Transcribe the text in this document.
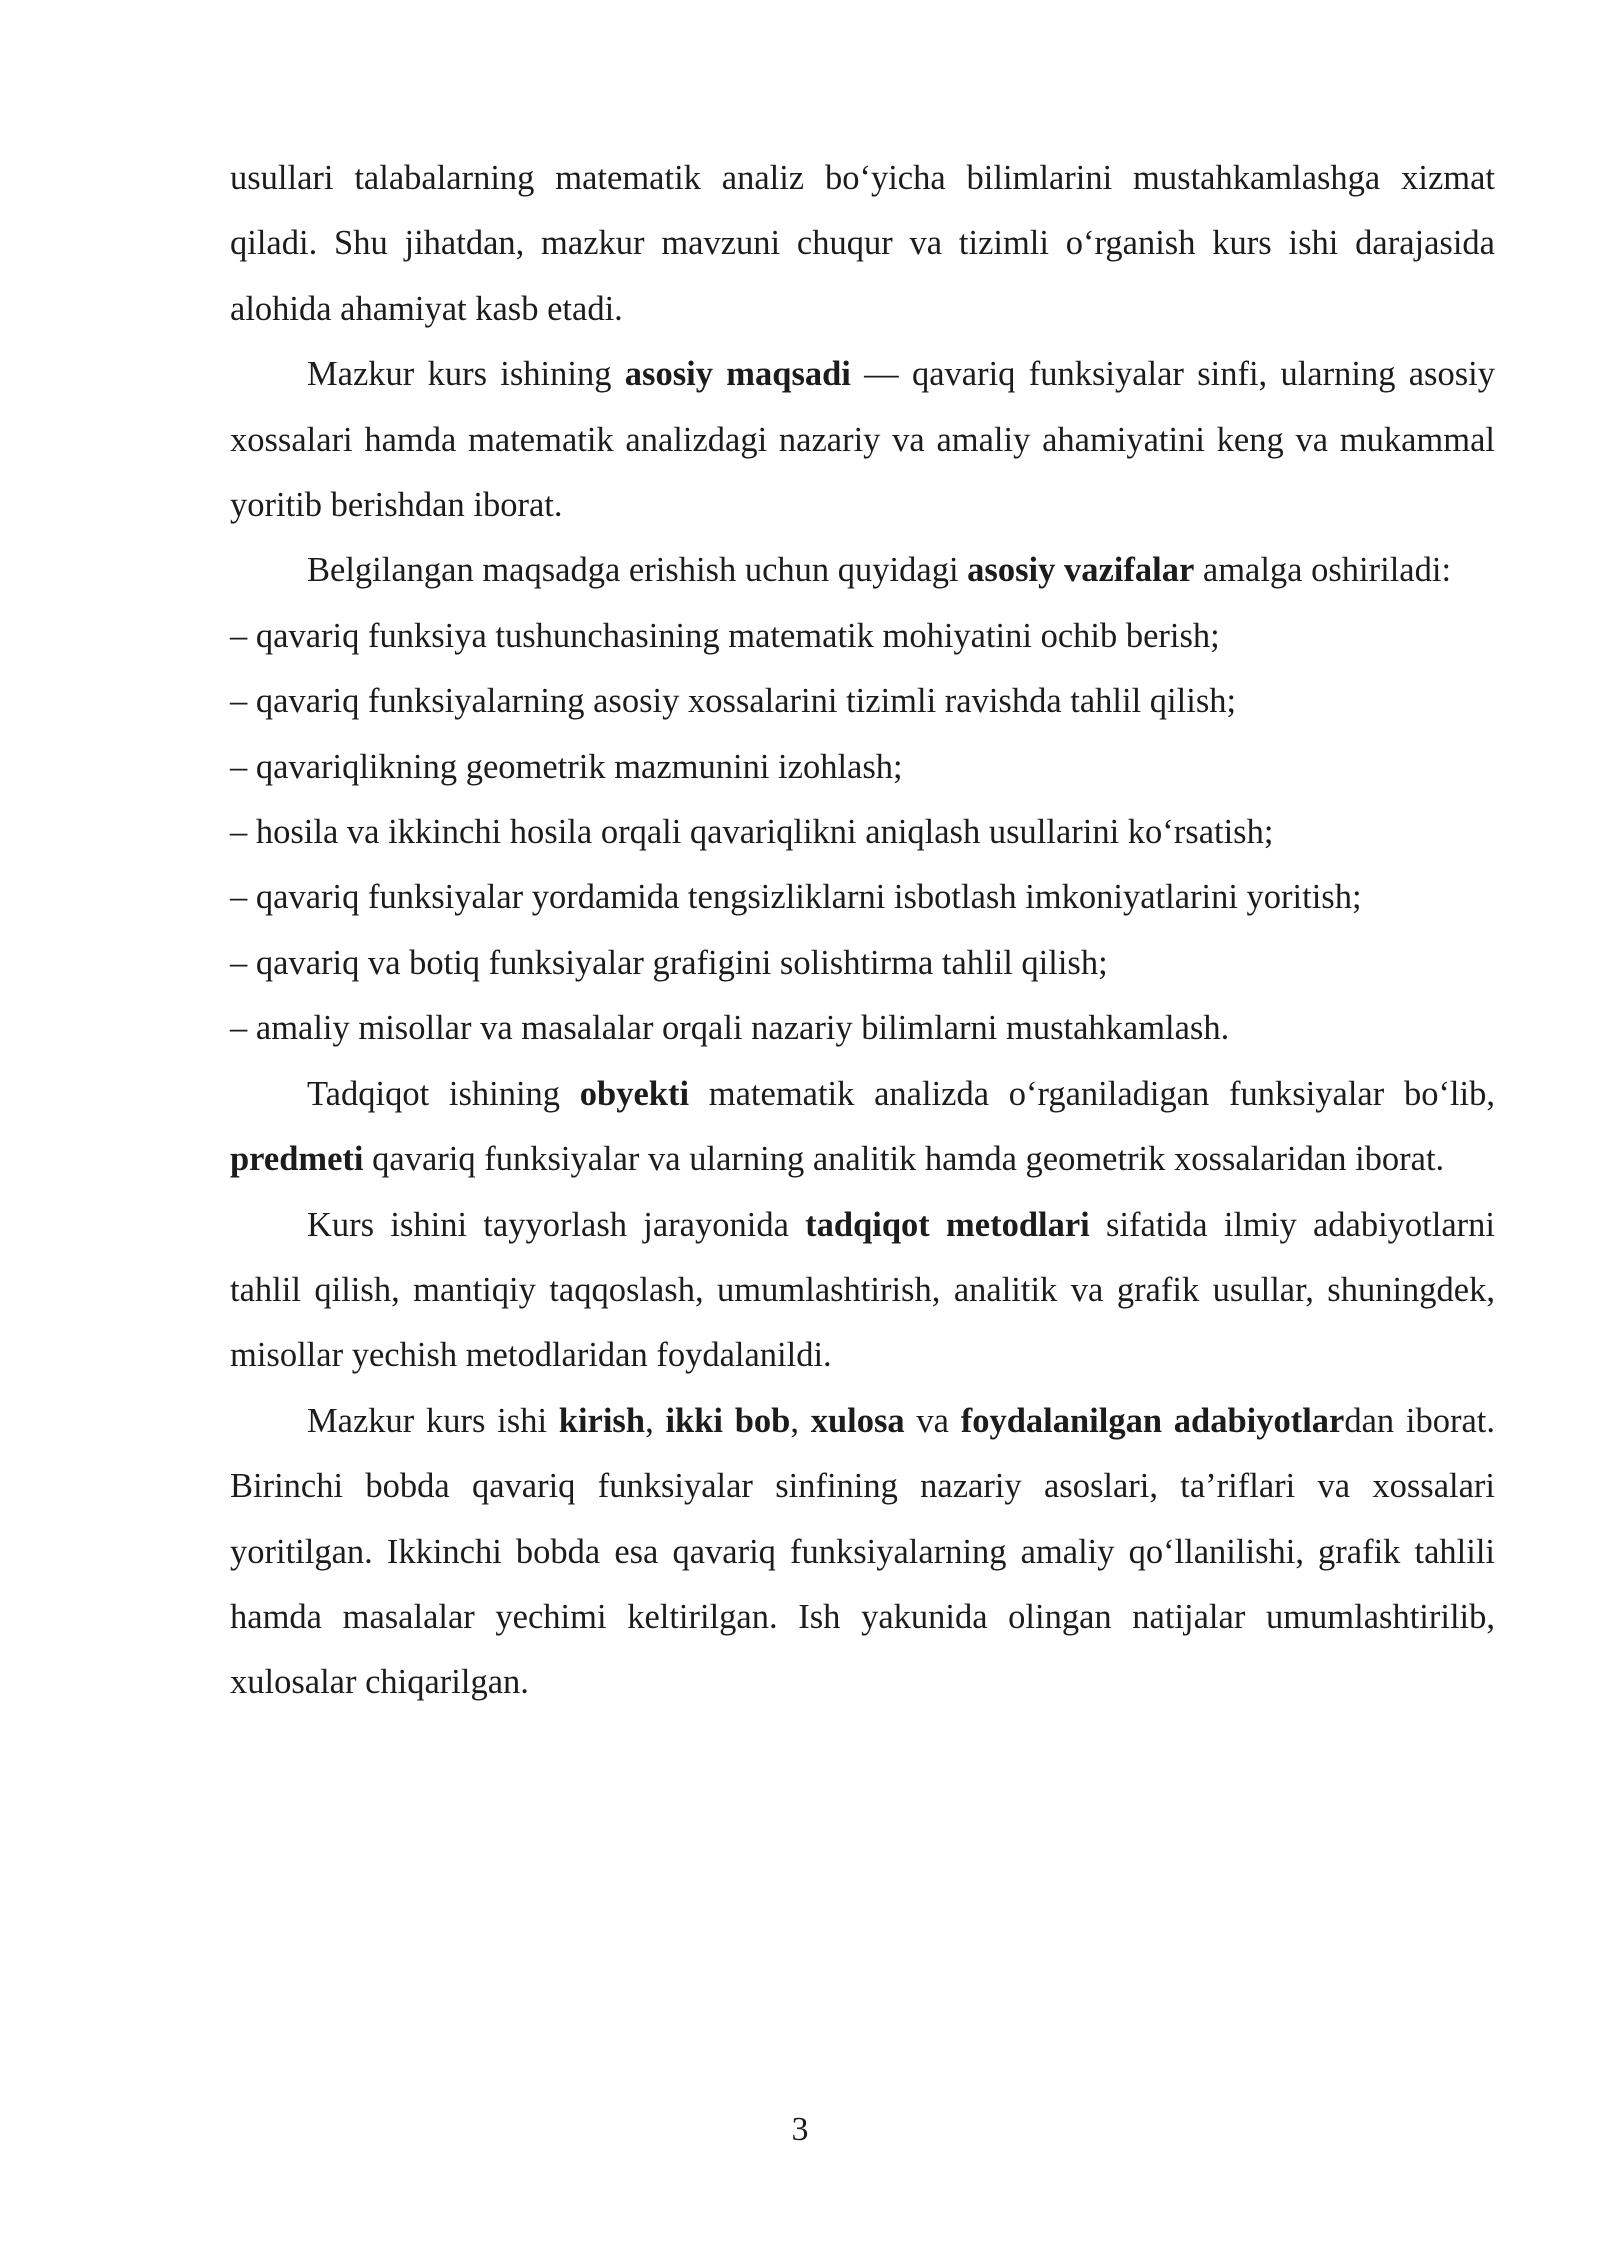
usullari talabalarning matematik analiz bo‘yicha bilimlarini mustahkamlashga xizmat qiladi. Shu jihatdan, mazkur mavzuni chuqur va tizimli o‘rganish kurs ishi darajasida alohida ahamiyat kasb etadi.

Mazkur kurs ishining asosiy maqsadi — qavariq funksiyalar sinfi, ularning asosiy xossalari hamda matematik analizdagi nazariy va amaliy ahamiyatini keng va mukammal yoritib berishdan iborat.

Belgilangan maqsadga erishish uchun quyidagi asosiy vazifalar amalga oshiriladi:

– qavariq funksiya tushunchasining matematik mohiyatini ochib berish;

– qavariq funksiyalarning asosiy xossalarini tizimli ravishda tahlil qilish;

– qavariqlikning geometrik mazmunini izohlash;

– hosila va ikkinchi hosila orqali qavariqlikni aniqlash usullarini ko‘rsatish;

– qavariq funksiyalar yordamida tengsizliklarni isbotlash imkoniyatlarini yoritish;

– qavariq va botiq funksiyalar grafigini solishtirma tahlil qilish;

– amaliy misollar va masalalar orqali nazariy bilimlarni mustahkamlash.

Tadqiqot ishining obyekti matematik analizda o‘rganiladigan funksiyalar bo‘lib, predmeti qavariq funksiyalar va ularning analitik hamda geometrik xossalaridan iborat.

Kurs ishini tayyorlash jarayonida tadqiqot metodlari sifatida ilmiy adabiyotlarni tahlil qilish, mantiqiy taqqoslash, umumlashtirish, analitik va grafik usullar, shuningdek, misollar yechish metodlaridan foydalanildi.

Mazkur kurs ishi kirish, ikki bob, xulosa va foydalanilgan adabiyotlardan iborat. Birinchi bobda qavariq funksiyalar sinfining nazariy asoslari, ta’riflari va xossalari yoritilgan. Ikkinchi bobda esa qavariq funksiyalarning amaliy qo‘llanilishi, grafik tahlili hamda masalalar yechimi keltirilgan. Ish yakunida olingan natijalar umumlashtirilib, xulosalar chiqarilgan.

3
